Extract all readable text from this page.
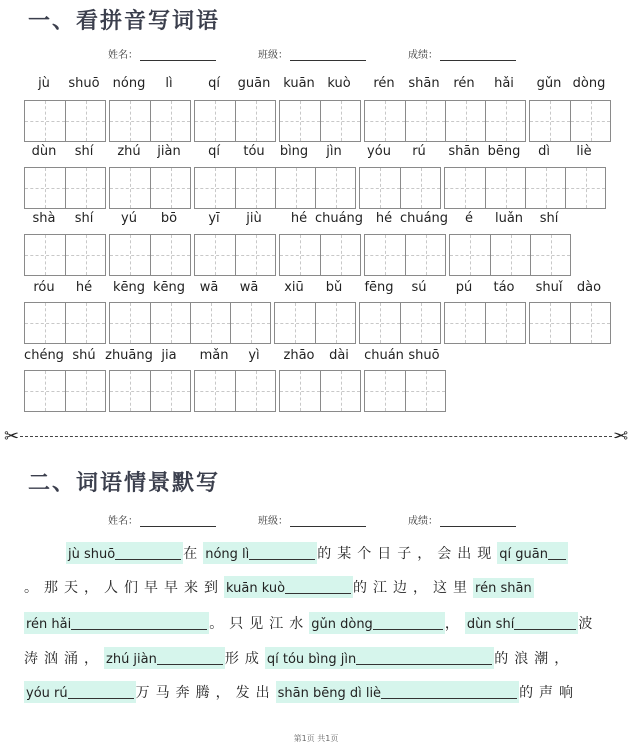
一、看拼音写词语
姓名：	班级：	成绩：
jù shuō nóng lì	qí guān kuān kuò rén shān rén hǎi gǔn dòng
dùn shí zhú jiàn qí tóu bìng jìn yóu rú shān bēng dì liè
shà shí yú bō yī jiù hé chuáng hé chuáng é luǎn shí
róu hé kēng kēng wā wā xiū bǔ fēng sú pú táo shuǐ dào
chéng shú zhuāng jia mǎn yì zhāo dài chuán shuō
✂	✂
二、词语情景默写
姓名：	班级：	成绩：
jù shuō	在 nóng lì	的某个日子，会出现 qí guān
。那天，人们早早来到 kuān kuò	的江边，这里 rén shān
rén hǎi	。只见江水 gǔn dòng	， dùn shí	波
涛汹涌， zhú jiàn	形成 qí tóu bìng jìn	的浪潮，
yóu rú	万马奔腾，发出 shān bēng dì liè	的声响
第1页 共1页
